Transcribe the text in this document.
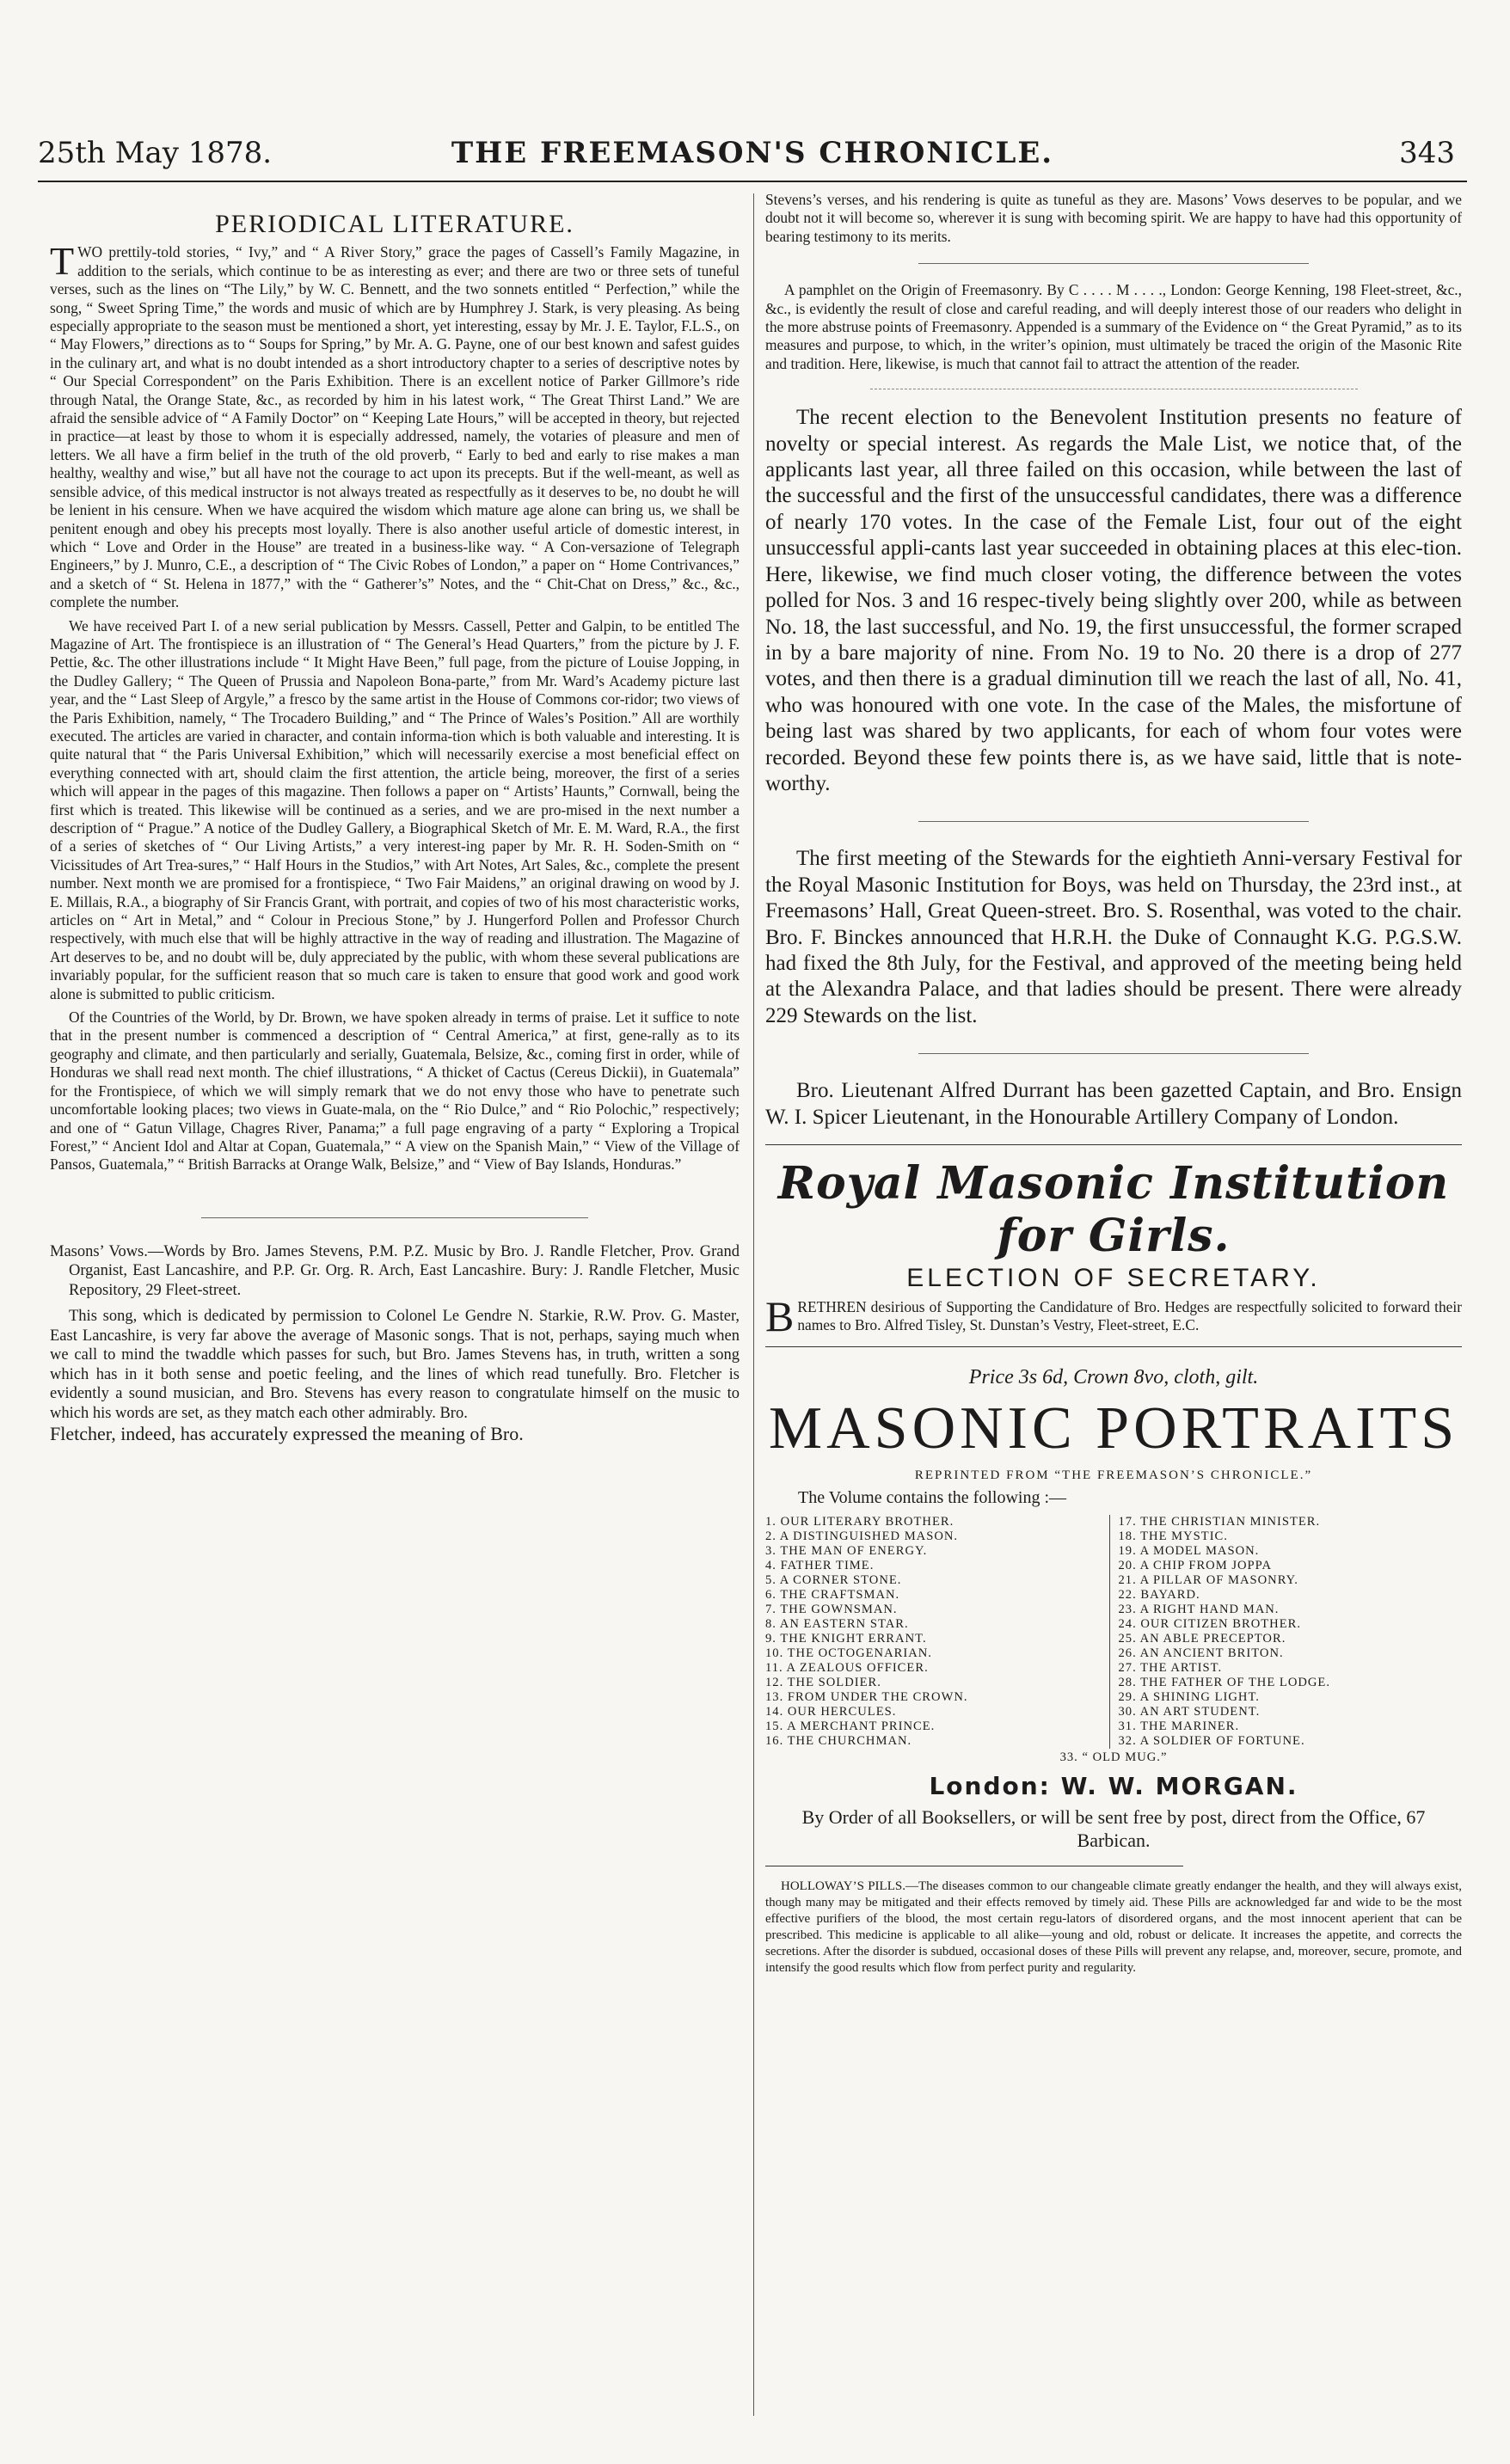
25th May 1878.	THE FREEMASON'S CHRONICLE.	343
PERIODICAL LITERATURE.

TWO prettily-told stories, “ Ivy,” and “ A River Story,” grace the pages of Cassell’s Family Magazine, in addition to the serials, which continue to be as interesting as ever; and there are two or three sets of tuneful verses, such as the lines on “The Lily,” by W. C. Bennett, and the two sonnets entitled “ Perfection,” while the song, “ Sweet Spring Time,” the words and music of which are by Humphrey J. Stark, is very pleasing. As being especially appropriate to the season must be mentioned a short, yet interesting, essay by Mr. J. E. Taylor, F.L.S., on “ May Flowers,” directions as to “ Soups for Spring,” by Mr. A. G. Payne, one of our best known and safest guides in the culinary art, and what is no doubt intended as a short introductory chapter to a series of descriptive notes by “ Our Special Correspondent” on the Paris Exhibition. There is an excellent notice of Parker Gillmore’s ride through Natal, the Orange State, &c., as recorded by him in his latest work, “ The Great Thirst Land.” We are afraid the sensible advice of “ A Family Doctor” on “ Keeping Late Hours,” will be accepted in theory, but rejected in practice—at least by those to whom it is especially addressed, namely, the votaries of pleasure and men of letters. We all have a firm belief in the truth of the old proverb, “ Early to bed and early to rise makes a man healthy, wealthy and wise,” but all have not the courage to act upon its precepts. But if the well-meant, as well as sensible advice, of this medical instructor is not always treated as respectfully as it deserves to be, no doubt he will be lenient in his censure. When we have acquired the wisdom which mature age alone can bring us, we shall be penitent enough and obey his precepts most loyally. There is also another useful article of domestic interest, in which “ Love and Order in the House” are treated in a business-like way. “ A Con-versazione of Telegraph Engineers,” by J. Munro, C.E., a description of “ The Civic Robes of London,” a paper on “ Home Contrivances,” and a sketch of “ St. Helena in 1877,” with the “ Gatherer’s” Notes, and the “ Chit-Chat on Dress,” &c., &c., complete the number.

We have received Part I. of a new serial publication by Messrs. Cassell, Petter and Galpin, to be entitled The Magazine of Art. The frontispiece is an illustration of “ The General’s Head Quarters,” from the picture by J. F. Pettie, &c. The other illustrations include “ It Might Have Been,” full page, from the picture of Louise Jopping, in the Dudley Gallery; “ The Queen of Prussia and Napoleon Bona-parte,” from Mr. Ward’s Academy picture last year, and the “ Last Sleep of Argyle,” a fresco by the same artist in the House of Commons cor-ridor; two views of the Paris Exhibition, namely, “ The Trocadero Building,” and “ The Prince of Wales’s Position.” All are worthily executed. The articles are varied in character, and contain informa-tion which is both valuable and interesting. It is quite natural that “ the Paris Universal Exhibition,” which will necessarily exercise a most beneficial effect on everything connected with art, should claim the first attention, the article being, moreover, the first of a series which will appear in the pages of this magazine. Then follows a paper on “ Artists’ Haunts,” Cornwall, being the first which is treated. This likewise will be continued as a series, and we are pro-mised in the next number a description of “ Prague.” A notice of the Dudley Gallery, a Biographical Sketch of Mr. E. M. Ward, R.A., the first of a series of sketches of “ Our Living Artists,” a very interest-ing paper by Mr. R. H. Soden-Smith on “ Vicissitudes of Art Trea-sures,” “ Half Hours in the Studios,” with Art Notes, Art Sales, &c., complete the present number. Next month we are promised for a frontispiece, “ Two Fair Maidens,” an original drawing on wood by J. E. Millais, R.A., a biography of Sir Francis Grant, with portrait, and copies of two of his most characteristic works, articles on “ Art in Metal,” and “ Colour in Precious Stone,” by J. Hungerford Pollen and Professor Church respectively, with much else that will be highly attractive in the way of reading and illustration. The Magazine of Art deserves to be, and no doubt will be, duly appreciated by the public, with whom these several publications are invariably popular, for the sufficient reason that so much care is taken to ensure that good work and good work alone is submitted to public criticism.

Of the Countries of the World, by Dr. Brown, we have spoken already in terms of praise. Let it suffice to note that in the present number is commenced a description of “ Central America,” at first, gene-rally as to its geography and climate, and then particularly and serially, Guatemala, Belsize, &c., coming first in order, while of Honduras we shall read next month. The chief illustrations, “ A thicket of Cactus (Cereus Dickii), in Guatemala” for the Frontispiece, of which we will simply remark that we do not envy those who have to penetrate such uncomfortable looking places; two views in Guate-mala, on the “ Rio Dulce,” and “ Rio Polochic,” respectively; and one of “ Gatun Village, Chagres River, Panama;” a full page engraving of a party “ Exploring a Tropical Forest,” “ Ancient Idol and Altar at Copan, Guatemala,” “ A view on the Spanish Main,” “ View of the Village of Pansos, Guatemala,” “ British Barracks at Orange Walk, Belsize,” and “ View of Bay Islands, Honduras.”

Masons’ Vows.—Words by Bro. James Stevens, P.M. P.Z. Music by Bro. J. Randle Fletcher, Prov. Grand Organist, East Lancashire, and P.P. Gr. Org. R. Arch, East Lancashire. Bury: J. Randle Fletcher, Music Repository, 29 Fleet-street.

This song, which is dedicated by permission to Colonel Le Gendre N. Starkie, R.W. Prov. G. Master, East Lancashire, is very far above the average of Masonic songs. That is not, perhaps, saying much when we call to mind the twaddle which passes for such, but Bro. James Stevens has, in truth, written a song which has in it both sense and poetic feeling, and the lines of which read tunefully. Bro. Fletcher is evidently a sound musician, and Bro. Stevens has every reason to congratulate himself on the music to which his words are set, as they match each other admirably. Bro.

Fletcher, indeed, has accurately expressed the meaning of Bro.

Stevens’s verses, and his rendering is quite as tuneful as they are. Masons’ Vows deserves to be popular, and we doubt not it will become so, wherever it is sung with becoming spirit. We are happy to have had this opportunity of bearing testimony to its merits.

A pamphlet on the Origin of Freemasonry. By C . . . . M . . . ., London: George Kenning, 198 Fleet-street, &c., &c., is evidently the result of close and careful reading, and will deeply interest those of our readers who delight in the more abstruse points of Freemasonry. Appended is a summary of the Evidence on “ the Great Pyramid,” as to its measures and purpose, to which, in the writer’s opinion, must ultimately be traced the origin of the Masonic Rite and tradition. Here, likewise, is much that cannot fail to attract the attention of the reader.

The recent election to the Benevolent Institution presents no feature of novelty or special interest. As regards the Male List, we notice that, of the applicants last year, all three failed on this occasion, while between the last of the successful and the first of the unsuccessful candidates, there was a difference of nearly 170 votes. In the case of the Female List, four out of the eight unsuccessful appli-cants last year succeeded in obtaining places at this elec-tion. Here, likewise, we find much closer voting, the difference between the votes polled for Nos. 3 and 16 respec-tively being slightly over 200, while as between No. 18, the last successful, and No. 19, the first unsuccessful, the former scraped in by a bare majority of nine. From No. 19 to No. 20 there is a drop of 277 votes, and then there is a gradual diminution till we reach the last of all, No. 41, who was honoured with one vote. In the case of the Males, the misfortune of being last was shared by two applicants, for each of whom four votes were recorded. Beyond these few points there is, as we have said, little that is note-worthy.

The first meeting of the Stewards for the eightieth Anni-versary Festival for the Royal Masonic Institution for Boys, was held on Thursday, the 23rd inst., at Freemasons’ Hall, Great Queen-street. Bro. S. Rosenthal, was voted to the chair. Bro. F. Binckes announced that H.R.H. the Duke of Connaught K.G. P.G.S.W. had fixed the 8th July, for the Festival, and approved of the meeting being held at the Alexandra Palace, and that ladies should be present. There were already 229 Stewards on the list.

Bro. Lieutenant Alfred Durrant has been gazetted Captain, and Bro. Ensign W. I. Spicer Lieutenant, in the Honourable Artillery Company of London.

Royal Masonic Institution for Girls.
ELECTION OF SECRETARY.
BRETHREN desirious of Supporting the Candidature of Bro. Hedges are respectfully solicited to forward their names to Bro. Alfred Tisley, St. Dunstan’s Vestry, Fleet-street, E.C.
Price 3s 6d, Crown 8vo, cloth, gilt.
MASONIC PORTRAITS
REPRINTED FROM “THE FREEMASON’S CHRONICLE.”
The Volume contains the following :—
1. OUR LITERARY BROTHER.
2. A DISTINGUISHED MASON.
3. THE MAN OF ENERGY.
4. FATHER TIME.
5. A CORNER STONE.
6. THE CRAFTSMAN.
7. THE GOWNSMAN.
8. AN EASTERN STAR.
9. THE KNIGHT ERRANT.
10. THE OCTOGENARIAN.
11. A ZEALOUS OFFICER.
12. THE SOLDIER.
13. FROM UNDER THE CROWN.
14. OUR HERCULES.
15. A MERCHANT PRINCE.
16. THE CHURCHMAN.
17. THE CHRISTIAN MINISTER.
18. THE MYSTIC.
19. A MODEL MASON.
20. A CHIP FROM JOPPA
21. A PILLAR OF MASONRY.
22. BAYARD.
23. A RIGHT HAND MAN.
24. OUR CITIZEN BROTHER.
25. AN ABLE PRECEPTOR.
26. AN ANCIENT BRITON.
27. THE ARTIST.
28. THE FATHER OF THE LODGE.
29. A SHINING LIGHT.
30. AN ART STUDENT.
31. THE MARINER.
32. A SOLDIER OF FORTUNE.
33. “ OLD MUG.”
London: W. W. MORGAN.
By Order of all Booksellers, or will be sent free by post, direct from the Office, 67 Barbican.

HOLLOWAY’S PILLS.—The diseases common to our changeable climate greatly endanger the health, and they will always exist, though many may be mitigated and their effects removed by timely aid. These Pills are acknowledged far and wide to be the most effective purifiers of the blood, the most certain regu-lators of disordered organs, and the most innocent aperient that can be prescribed. This medicine is applicable to all alike—young and old, robust or delicate. It increases the appetite, and corrects the secretions. After the disorder is subdued, occasional doses of these Pills will prevent any relapse, and, moreover, secure, promote, and intensify the good results which flow from perfect purity and regularity.
